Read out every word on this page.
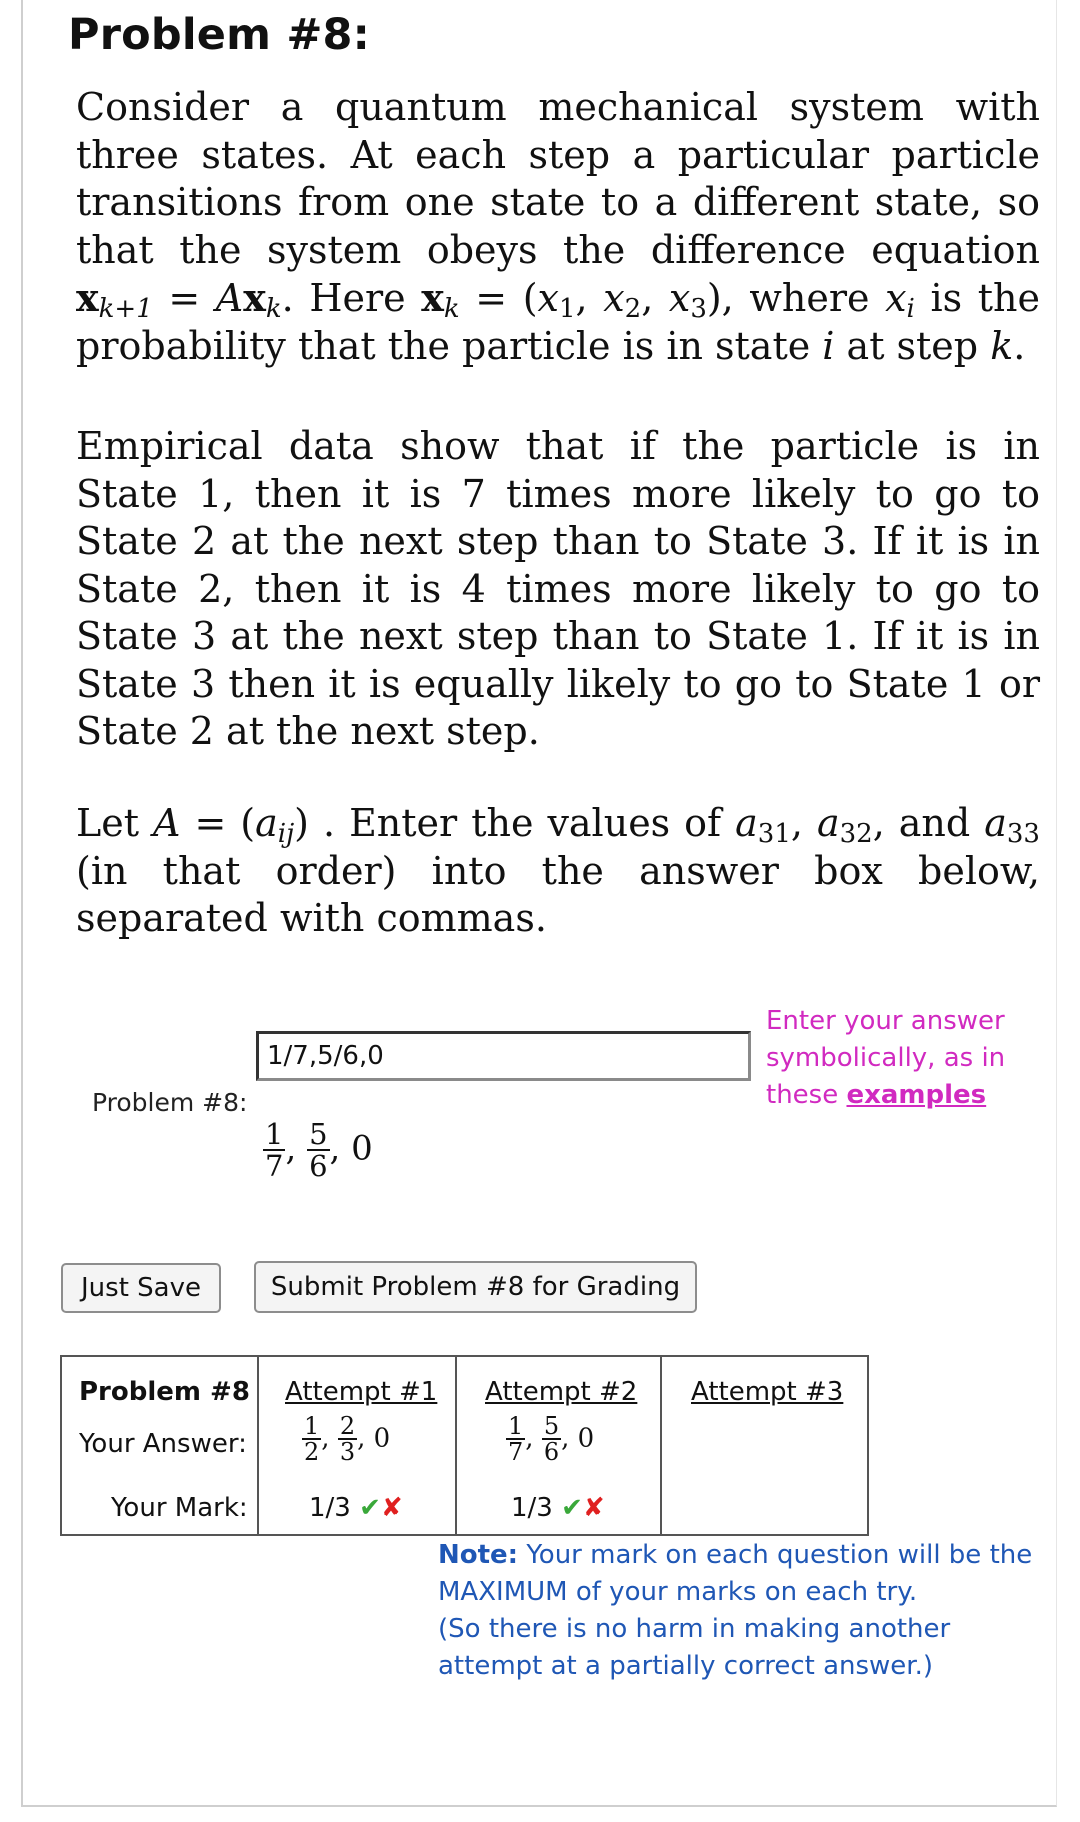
Problem #8:
Consider a quantum mechanical system with three states. At each step a particular particle transitions from one state to a different state, so that the system obeys the difference equation $x_{k+1} = Ax_k$. Here $x_k = (x_1$, $x_2$, $x_3$), where $x_i$ is the probability that the particle is in state i at step k.
Empirical data show that if the particle is in State 1, then it is 7 times more likely to go to State 2 at the next step than to State 3. If it is in State 2, then it is 4 times more likely to go to State 3 at the next step than to State 1. If it is in State 3 then it is equally likely to go to State 1 or State 2 at the next step.
Let $A = (a_{ij})$ . Enter the values of $a_{31}$, $a_{32}$, and $a_{33}$ (in that order) into the answer box below, separated with commas.
Problem #8:
1/7,5/6,0
Enter your answer symbolically, as in these examples
$\frac{1}{7}$ , $\frac{5}{6}$ , 0
Just Save	Submit Problem #8 for Grading
Problem #8 Attempt #1 Attempt #2 Attempt #3
Your Answer: $\frac{1}{2}$ , $\frac{2}{3}$ , 0	$\frac{1}{7}$ , $\frac{5}{6}$ , 0
Your Mark: 1/3 ✔✘	1/3 ✔✘
Note: Your mark on each question will be the MAXIMUM of your marks on each try.
(So there is no harm in making another attempt at a partially correct answer.)
